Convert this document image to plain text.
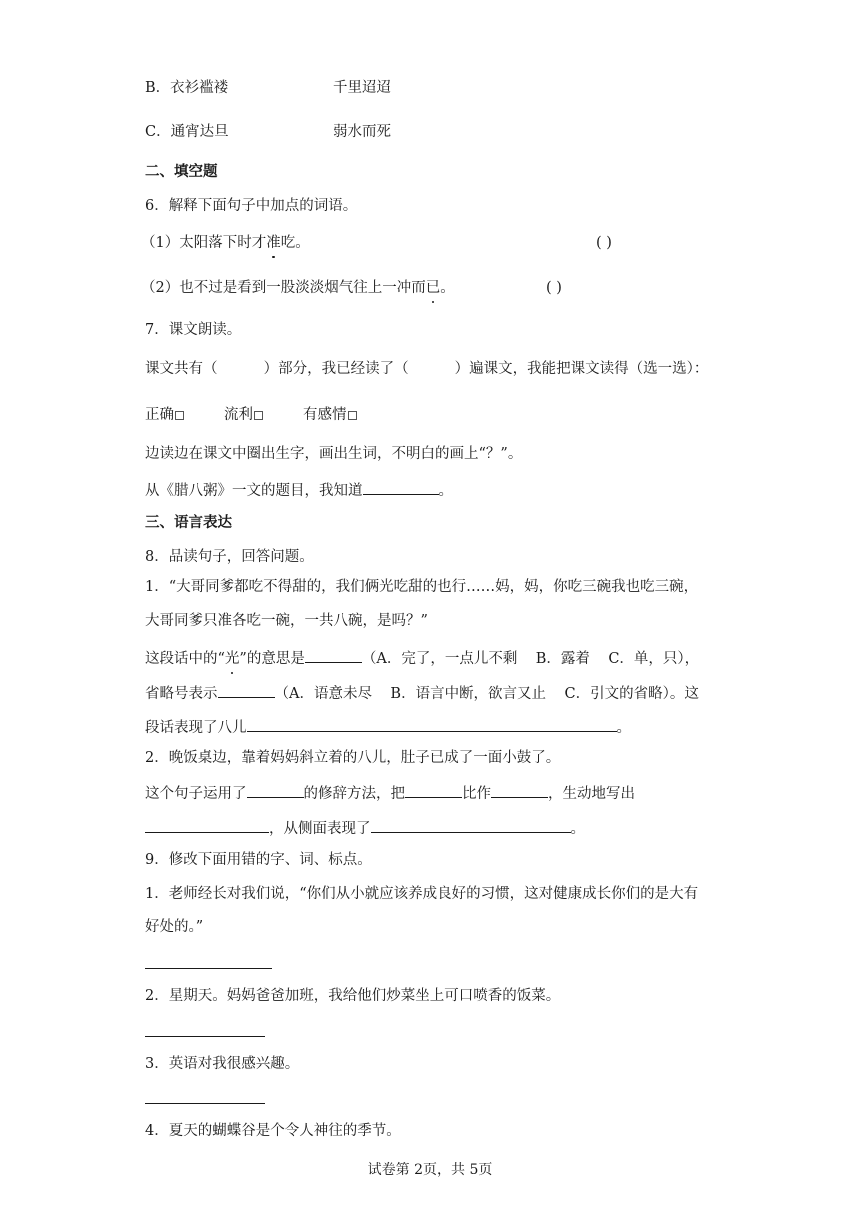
B．衣衫褴褛	千里迢迢
C．通宵达旦	弱水而死
二、填空题
6．解释下面句子中加点的词语。
（1）太阳落下时才准吃。	( )
（2）也不过是看到一股淡淡烟气往上一冲而已。	( )
7．课文朗读。
课文共有（          ）部分，我已经读了（          ）遍课文，我能把课文读得（选一选）：
正确	流利	有感情
边读边在课文中圈出生字，画出生词，不明白的画上“？”。
从《腊八粥》一文的题目，我知道	。
三、语言表达
8．品读句子，回答问题。
1．“大哥同爹都吃不得甜的，我们俩光吃甜的也行……妈，妈，你吃三碗我也吃三碗，
大哥同爹只准各吃一碗，一共八碗，是吗？”
这段话中的“光”的意思是	（A．完了，一点儿不剩    B．露着    C．单，只），
省略号表示	（A．语意未尽    B．语言中断，欲言又止    C．引文的省略）。这
段话表现了八儿	。
2．晚饭桌边，靠着妈妈斜立着的八儿，肚子已成了一面小鼓了。
这个句子运用了	的修辞方法，把	比作	，生动地写出
，从侧面表现了	。
9．修改下面用错的字、词、标点。
1．老师经长对我们说，“你们从小就应该养成良好的习惯，这对健康成长你们的是大有
好处的。”
2．星期天。妈妈爸爸加班，我给他们炒菜坐上可口喷香的饭菜。
3．英语对我很感兴趣。
4．夏天的蝴蝶谷是个令人神往的季节。
试卷第 2页，共 5页
